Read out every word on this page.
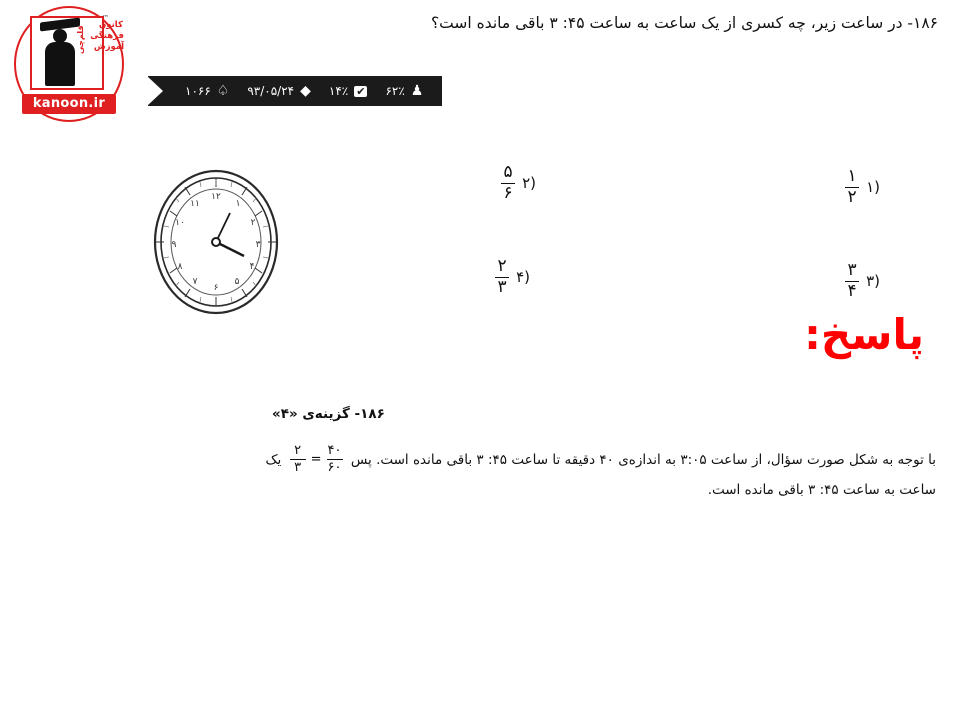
کانون فرهنگی آموزش
قلم‌چی
™
kanoon.ir
۱۸۶- در ساعت زیر، چه کسری از یک ساعت به ساعت ۴۵: ۳ باقی مانده است؟
♟
۶۲٪
✔
۱۴٪
◆
۹۳/۰۵/۲۴
♤
۱۰۶۶
۱۲
۱
۲
۳
۴
۵
۶
۷
۸
۹
۱۰
۱۱
(۱
$\frac{۱}{۲}$
(۲
$\frac{۵}{۶}$
(۳
$\frac{۳}{۴}$
(۴
$\frac{۲}{۳}$
پاسخ:
۱۸۶- گزینه‌ی «۴»
با توجه به شکل صورت سؤال، از ساعت ۳:۰۵ به اندازه‌ی ۴۰ دقیقه تا ساعت ۴۵: ۳ باقی مانده است. پس
۴۰
۶۰
=
۲
۳
یک
ساعت به ساعت ۴۵: ۳ باقی مانده است.
